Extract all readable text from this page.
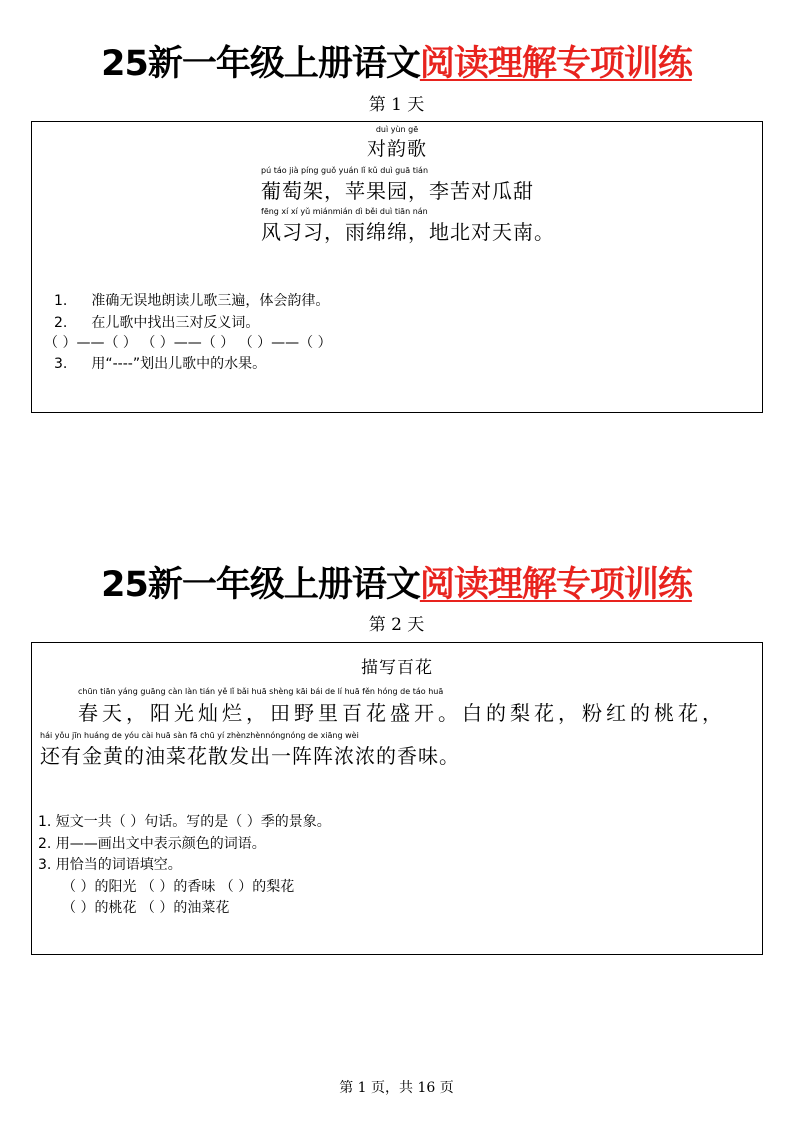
25新一年级上册语文阅读理解专项训练
第 1 天
duì yùn gē
对韵歌
pú táo jià píng guǒ yuán lǐ kǔ duì guā tián
葡萄架，苹果园，李苦对瓜甜
fēng xí xí yǔ miánmián dì běi duì tiān nán
风习习，雨绵绵，地北对天南。
1. 准确无误地朗读儿歌三遍，体会韵律。
2. 在儿歌中找出三对反义词。
（ ）——（ ） （ ）——（ ） （ ）——（ ）
3. 用“----”划出儿歌中的水果。
25新一年级上册语文阅读理解专项训练
第 2 天
描写百花
chūn tiān yáng guāng càn làn tián yě lǐ bǎi huā shèng kāi bái de lí huā fěn hóng de táo huā
春天，阳光灿烂，田野里百花盛开。白的梨花，粉红的桃花，
hái yǒu jīn huáng de yóu cài huā sàn fā chū yí zhènzhènnóngnóng de xiāng wèi
还有金黄的油菜花散发出一阵阵浓浓的香味。
1. 短文一共（ ）句话。写的是（ ）季的景象。
2. 用——画出文中表示颜色的词语。
3. 用恰当的词语填空。
（ ）的阳光 （ ）的香味 （ ）的梨花
（ ）的桃花 （ ）的油菜花
第 1 页，共 16 页
